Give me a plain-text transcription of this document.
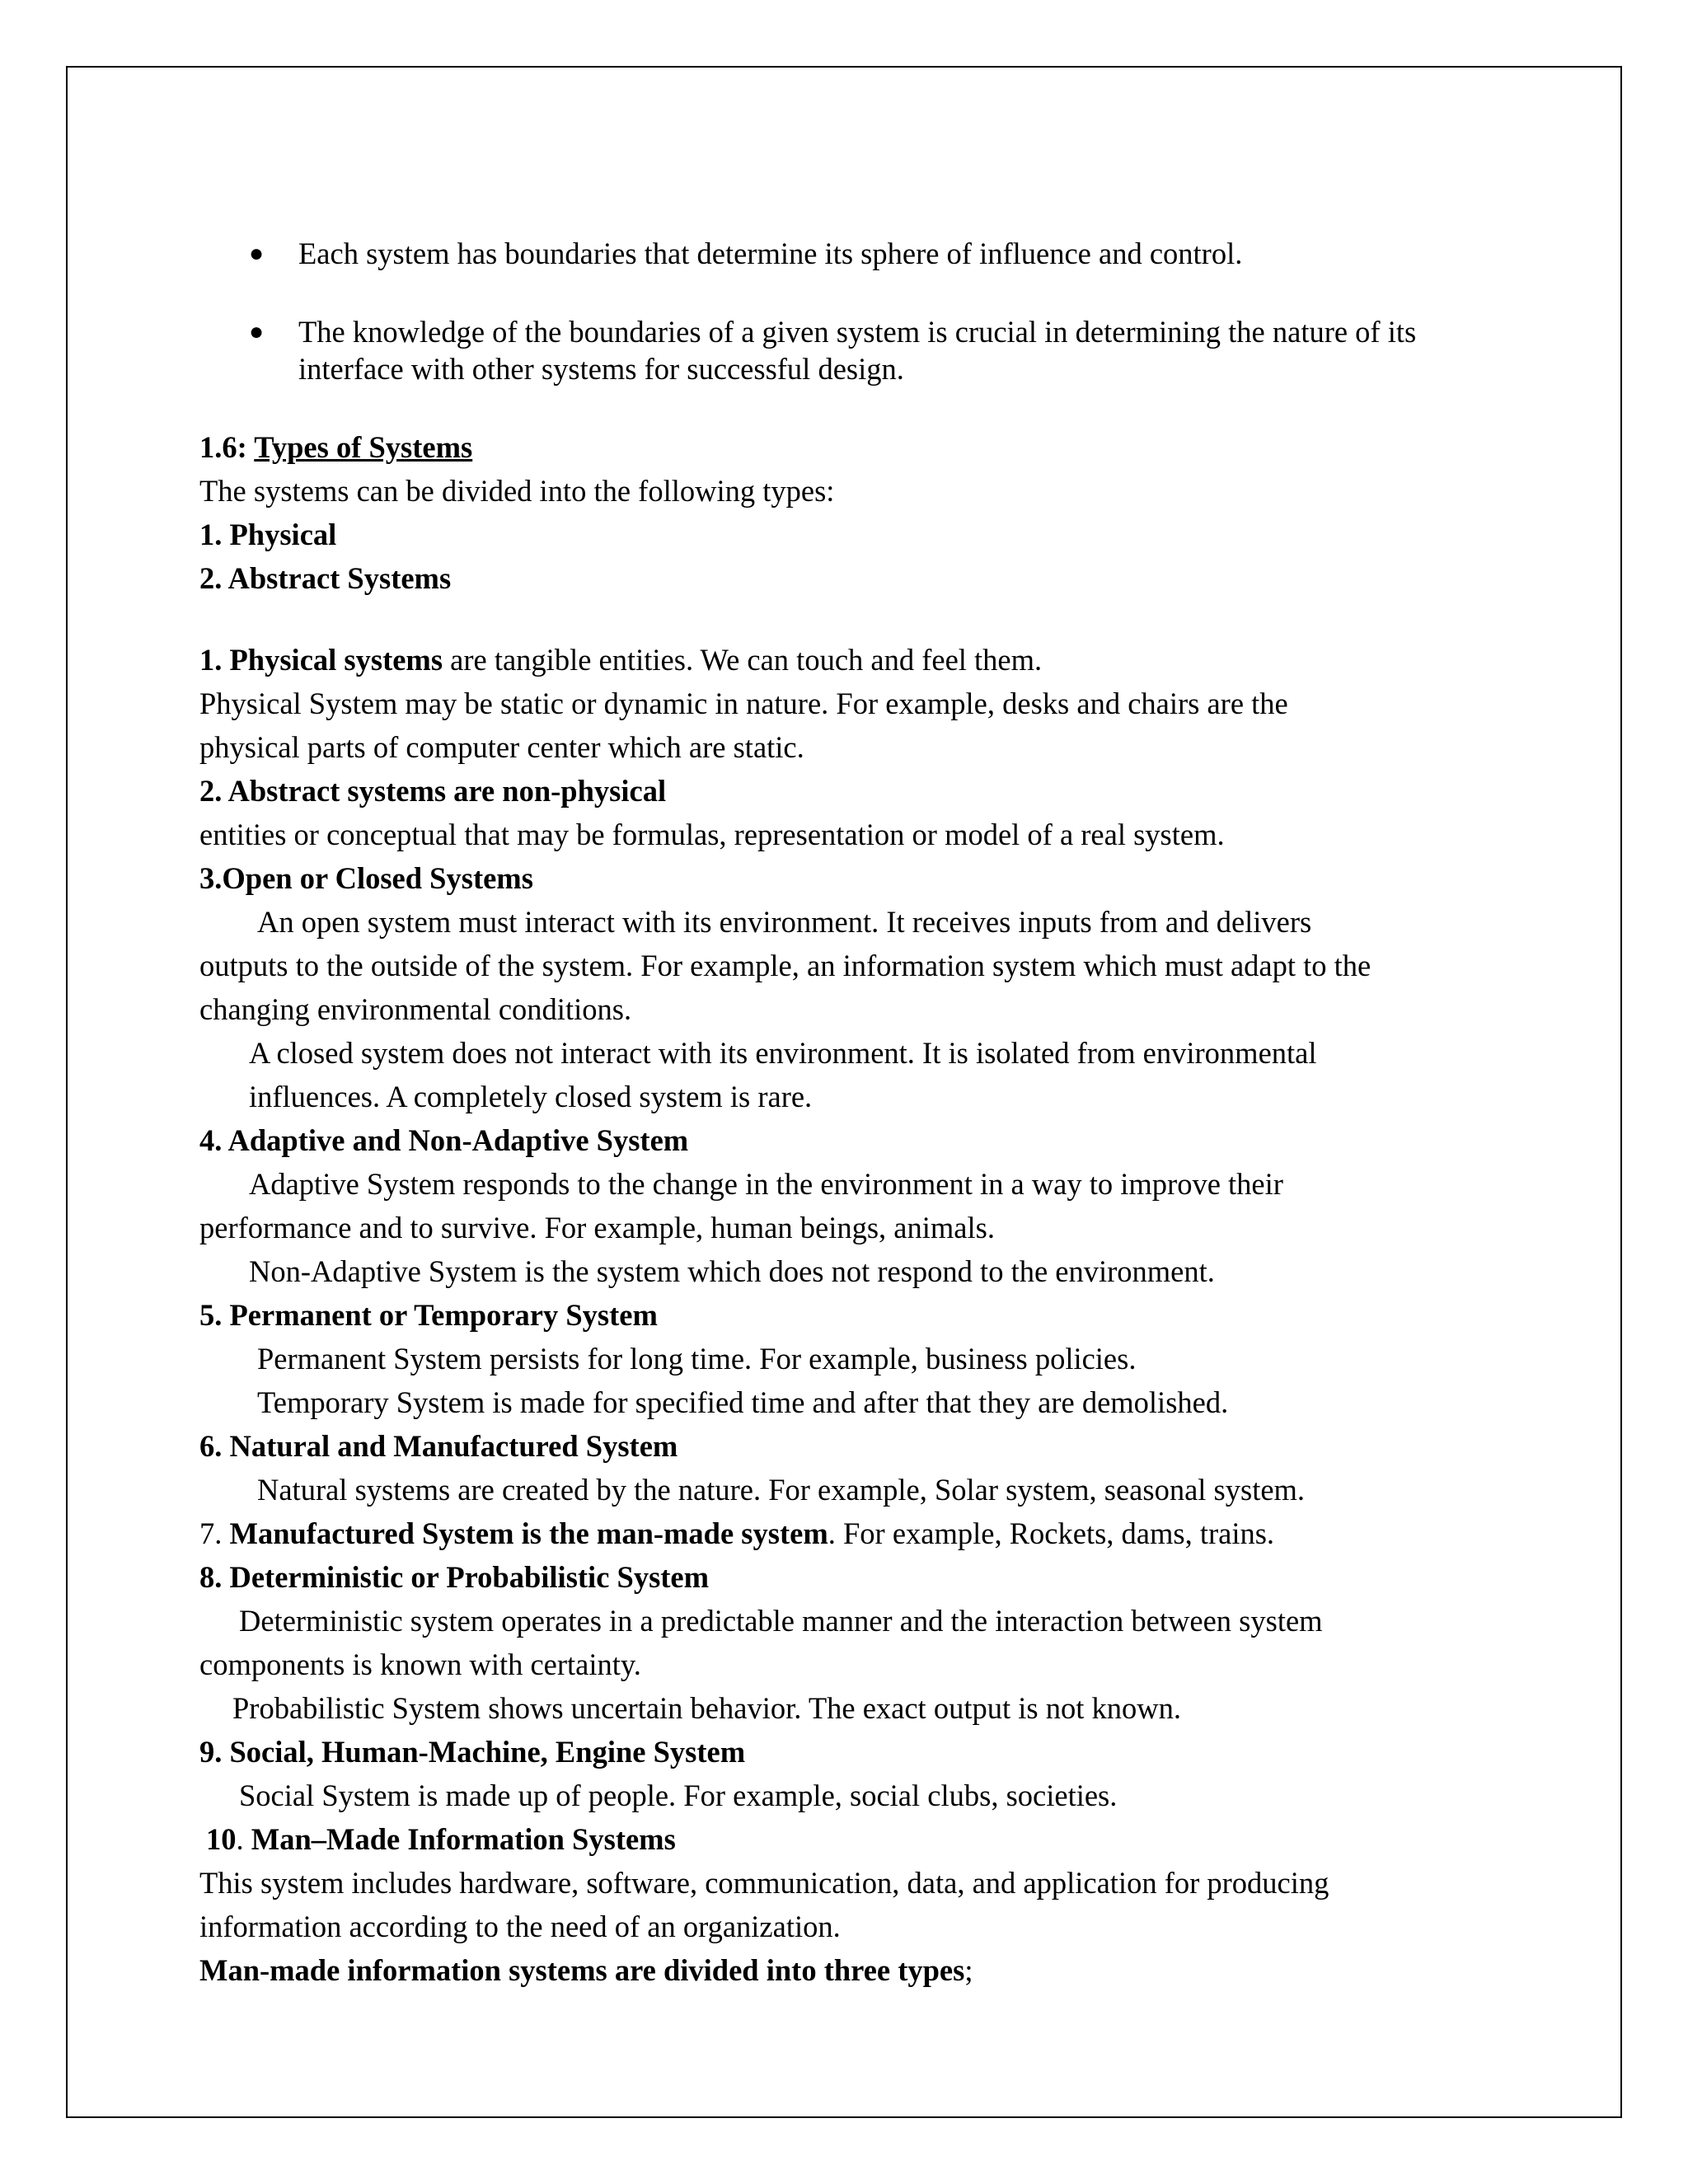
● Each system has boundaries that determine its sphere of influence and control.
● The knowledge of the boundaries of a given system is crucial in determining the nature of its interface with other systems for successful design.
1.6: Types of Systems
The systems can be divided into the following types:
1. Physical
2. Abstract Systems
1. Physical systems are tangible entities. We can touch and feel them.
Physical System may be static or dynamic in nature. For example, desks and chairs are the
physical parts of computer center which are static.
2. Abstract systems are non-physical
entities or conceptual that may be formulas, representation or model of a real system.
3.Open or Closed Systems
An open system must interact with its environment. It receives inputs from and delivers
outputs to the outside of the system. For example, an information system which must adapt to the
changing environmental conditions.
A closed system does not interact with its environment. It is isolated from environmental
influences. A completely closed system is rare.
4. Adaptive and Non-Adaptive System
Adaptive System responds to the change in the environment in a way to improve their
performance and to survive. For example, human beings, animals.
Non-Adaptive System is the system which does not respond to the environment.
5. Permanent or Temporary System
Permanent System persists for long time. For example, business policies.
Temporary System is made for specified time and after that they are demolished.
6. Natural and Manufactured System
Natural systems are created by the nature. For example, Solar system, seasonal system.
7. Manufactured System is the man-made system. For example, Rockets, dams, trains.
8. Deterministic or Probabilistic System
Deterministic system operates in a predictable manner and the interaction between system
components is known with certainty.
Probabilistic System shows uncertain behavior. The exact output is not known.
9. Social, Human-Machine, Engine System
Social System is made up of people. For example, social clubs, societies.
10. Man–Made Information Systems
This system includes hardware, software, communication, data, and application for producing
information according to the need of an organization.
Man-made information systems are divided into three types;
